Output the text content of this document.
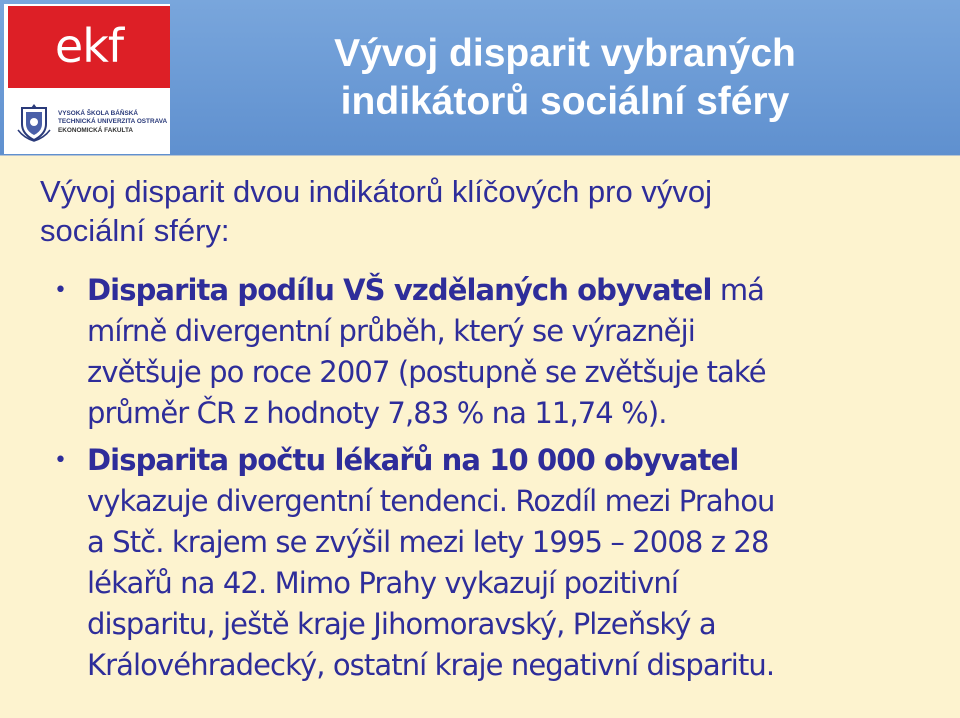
ekf
VYSOKÁ ŠKOLA BÁŇSKÁ
TECHNICKÁ UNIVERZITA OSTRAVA
EKONOMICKÁ FAKULTA
Vývoj disparit vybraných
indikátorů sociální sféry
Vývoj disparit dvou indikátorů klíčových pro vývoj
sociální sféry:
• Disparita podílu VŠ vzdělaných obyvatel má
mírně divergentní průběh, který se výrazněji
zvětšuje po roce 2007 (postupně se zvětšuje také
průměr ČR z hodnoty 7,83 % na 11,74 %).
• Disparita počtu lékařů na 10 000 obyvatel
vykazuje divergentní tendenci. Rozdíl mezi Prahou
a Stč. krajem se zvýšil mezi lety 1995 – 2008 z 28
lékařů na 42. Mimo Prahy vykazují pozitivní
disparitu, ještě kraje Jihomoravský, Plzeňský a
Královéhradecký, ostatní kraje negativní disparitu.
